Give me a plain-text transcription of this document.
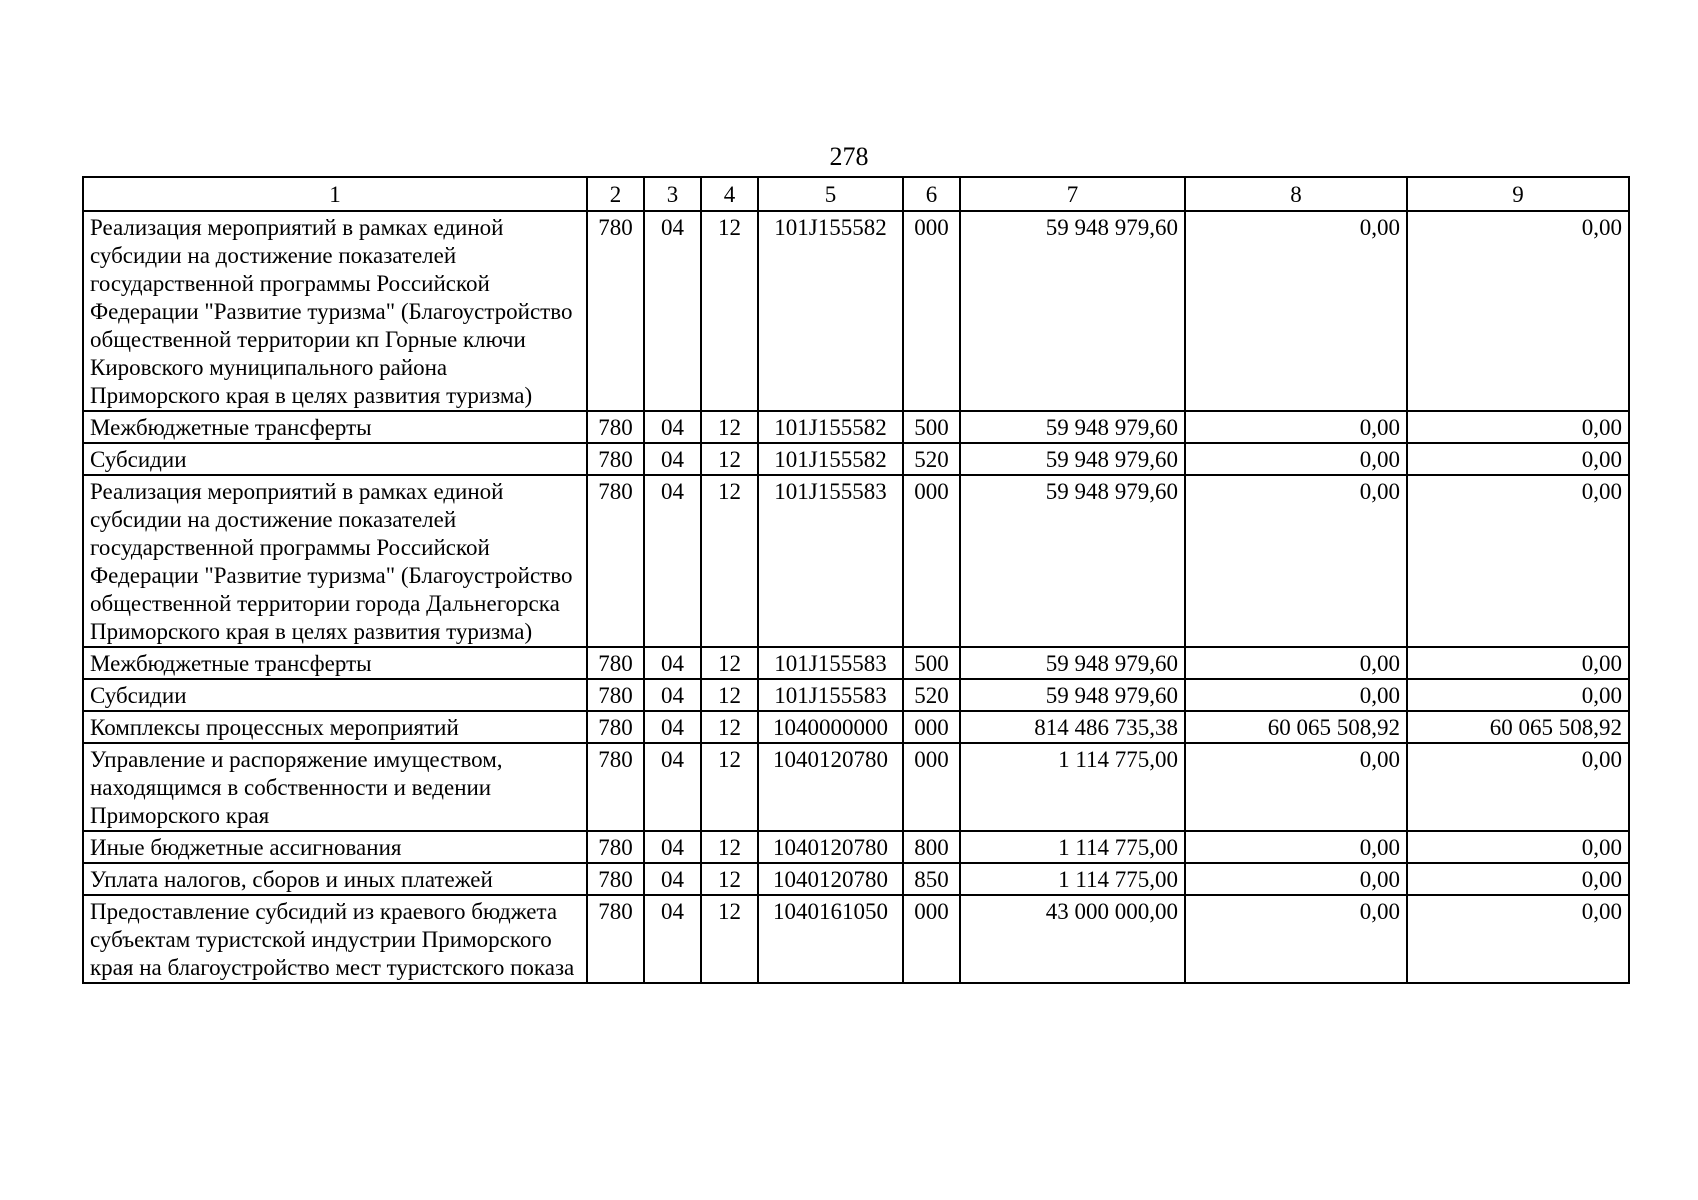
278
1	2	3	4	5	6	7	8	9
Реализация мероприятий в рамках единой субсидии на достижение показателей государственной программы Российской Федерации "Развитие туризма" (Благоустройство общественной территории кп Горные ключи Кировского муниципального района Приморского края в целях развития туризма)	780	04	12	101J155582	000	59 948 979,60	0,00	0,00
Межбюджетные трансферты	780	04	12	101J155582	500	59 948 979,60	0,00	0,00
Субсидии	780	04	12	101J155582	520	59 948 979,60	0,00	0,00
Реализация мероприятий в рамках единой субсидии на достижение показателей государственной программы Российской Федерации "Развитие туризма" (Благоустройство общественной территории города Дальнегорска Приморского края в целях развития туризма)	780	04	12	101J155583	000	59 948 979,60	0,00	0,00
Межбюджетные трансферты	780	04	12	101J155583	500	59 948 979,60	0,00	0,00
Субсидии	780	04	12	101J155583	520	59 948 979,60	0,00	0,00
Комплексы процессных мероприятий	780	04	12	1040000000	000	814 486 735,38	60 065 508,92	60 065 508,92
Управление и распоряжение имуществом, находящимся в собственности и ведении Приморского края	780	04	12	1040120780	000	1 114 775,00	0,00	0,00
Иные бюджетные ассигнования	780	04	12	1040120780	800	1 114 775,00	0,00	0,00
Уплата налогов, сборов и иных платежей	780	04	12	1040120780	850	1 114 775,00	0,00	0,00
Предоставление субсидий из краевого бюджета субъектам туристской индустрии Приморского края на благоустройство мест туристского показа	780	04	12	1040161050	000	43 000 000,00	0,00	0,00
